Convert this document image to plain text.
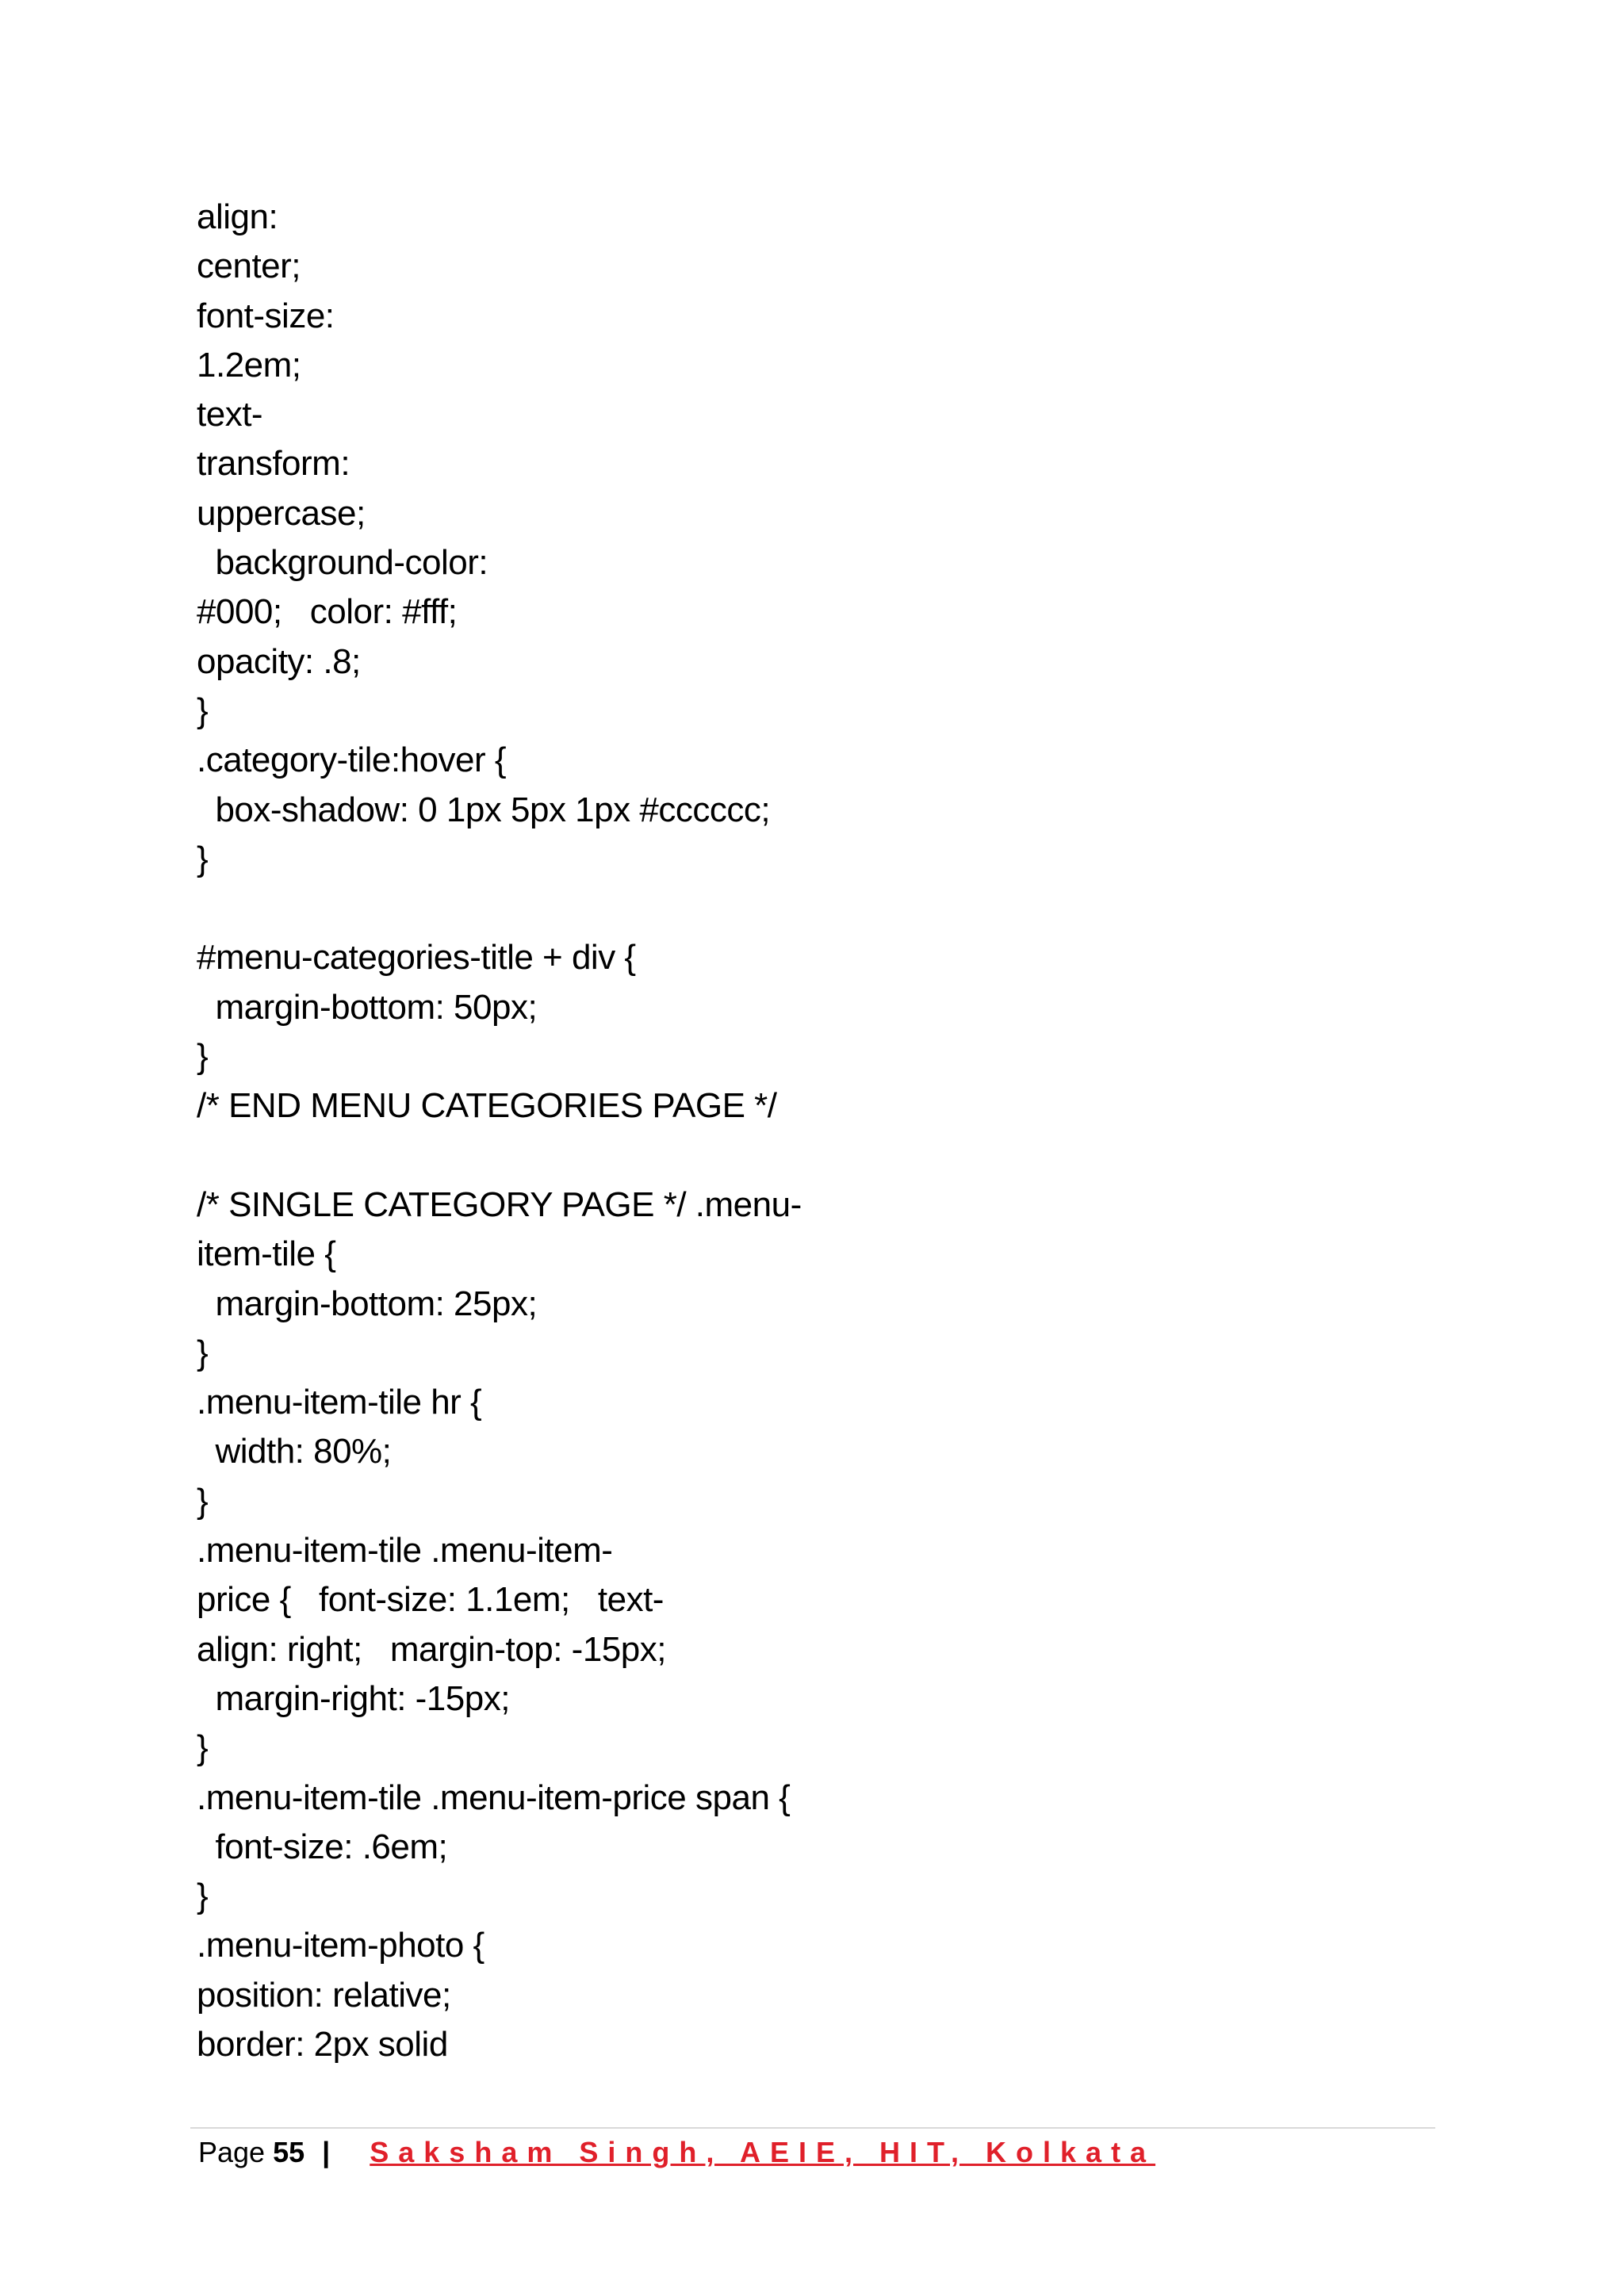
align:
center;
font-size:
1.2em;
text-
transform:
uppercase;
background-color:
#000;   color: #fff;
opacity: .8;
}
.category-tile:hover {
box-shadow: 0 1px 5px 1px #cccccc;
}
#menu-categories-title + div {
margin-bottom: 50px;
}
/* END MENU CATEGORIES PAGE */
/* SINGLE CATEGORY PAGE */ .menu-
item-tile {
margin-bottom: 25px;
}
.menu-item-tile hr {
width: 80%;
}
.menu-item-tile .menu-item-
price {   font-size: 1.1em;   text-
align: right;   margin-top: -15px;
margin-right: -15px;
}
.menu-item-tile .menu-item-price span {
font-size: .6em;
}
.menu-item-photo {
position: relative;
border: 2px solid
Page 55 | Saksham Singh, AEIE, HIT, Kolkata
